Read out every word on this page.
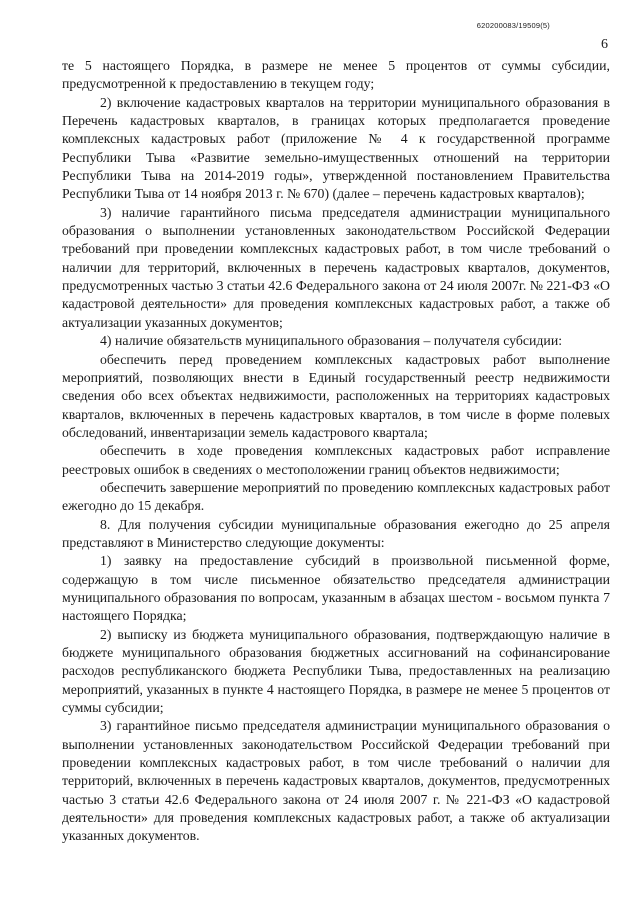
620200083/19509(5)
6

те 5 настоящего Порядка, в размере не менее 5 процентов от суммы субсидии, предусмотренной к предоставлению в текущем году;

2) включение кадастровых кварталов на территории муниципального образования в Перечень кадастровых кварталов, в границах которых предполагается проведение комплексных кадастровых работ (приложение № 4 к государственной программе Республики Тыва «Развитие земельно-имущественных отношений на территории Республики Тыва на 2014-2019 годы», утвержденной постановлением Правительства Республики Тыва от 14 ноября 2013 г. № 670) (далее – перечень кадастровых кварталов);

3) наличие гарантийного письма председателя администрации муниципального образования о выполнении установленных законодательством Российской Федерации требований при проведении комплексных кадастровых работ, в том числе требований о наличии для территорий, включенных в перечень кадастровых кварталов, документов, предусмотренных частью 3 статьи 42.6 Федерального закона от 24 июля 2007г. № 221-ФЗ «О кадастровой деятельности» для проведения комплексных кадастровых работ, а также об актуализации указанных документов;

4) наличие обязательств муниципального образования – получателя субсидии:

обеспечить перед проведением комплексных кадастровых работ выполнение мероприятий, позволяющих внести в Единый государственный реестр недвижимости сведения обо всех объектах недвижимости, расположенных на территориях кадастровых кварталов, включенных в перечень кадастровых кварталов, в том числе в форме полевых обследований, инвентаризации земель кадастрового квартала;

обеспечить в ходе проведения комплексных кадастровых работ исправление реестровых ошибок в сведениях о местоположении границ объектов недвижимости;

обеспечить завершение мероприятий по проведению комплексных кадастровых работ ежегодно до 15 декабря.

8. Для получения субсидии муниципальные образования ежегодно до 25 апреля представляют в Министерство следующие документы:

1) заявку на предоставление субсидий в произвольной письменной форме, содержащую в том числе письменное обязательство председателя администрации муниципального образования по вопросам, указанным в абзацах шестом - восьмом пункта 7 настоящего Порядка;

2) выписку из бюджета муниципального образования, подтверждающую наличие в бюджете муниципального образования бюджетных ассигнований на софинансирование расходов республиканского бюджета Республики Тыва, предоставленных на реализацию мероприятий, указанных в пункте 4 настоящего Порядка, в размере не менее 5 процентов от суммы субсидии;

3) гарантийное письмо председателя администрации муниципального образования о выполнении установленных законодательством Российской Федерации требований при проведении комплексных кадастровых работ, в том числе требований о наличии для территорий, включенных в перечень кадастровых кварталов, документов, предусмотренных частью 3 статьи 42.6 Федерального закона от 24 июля 2007 г. № 221-ФЗ «О кадастровой деятельности» для проведения комплексных кадастровых работ, а также об актуализации указанных документов.
